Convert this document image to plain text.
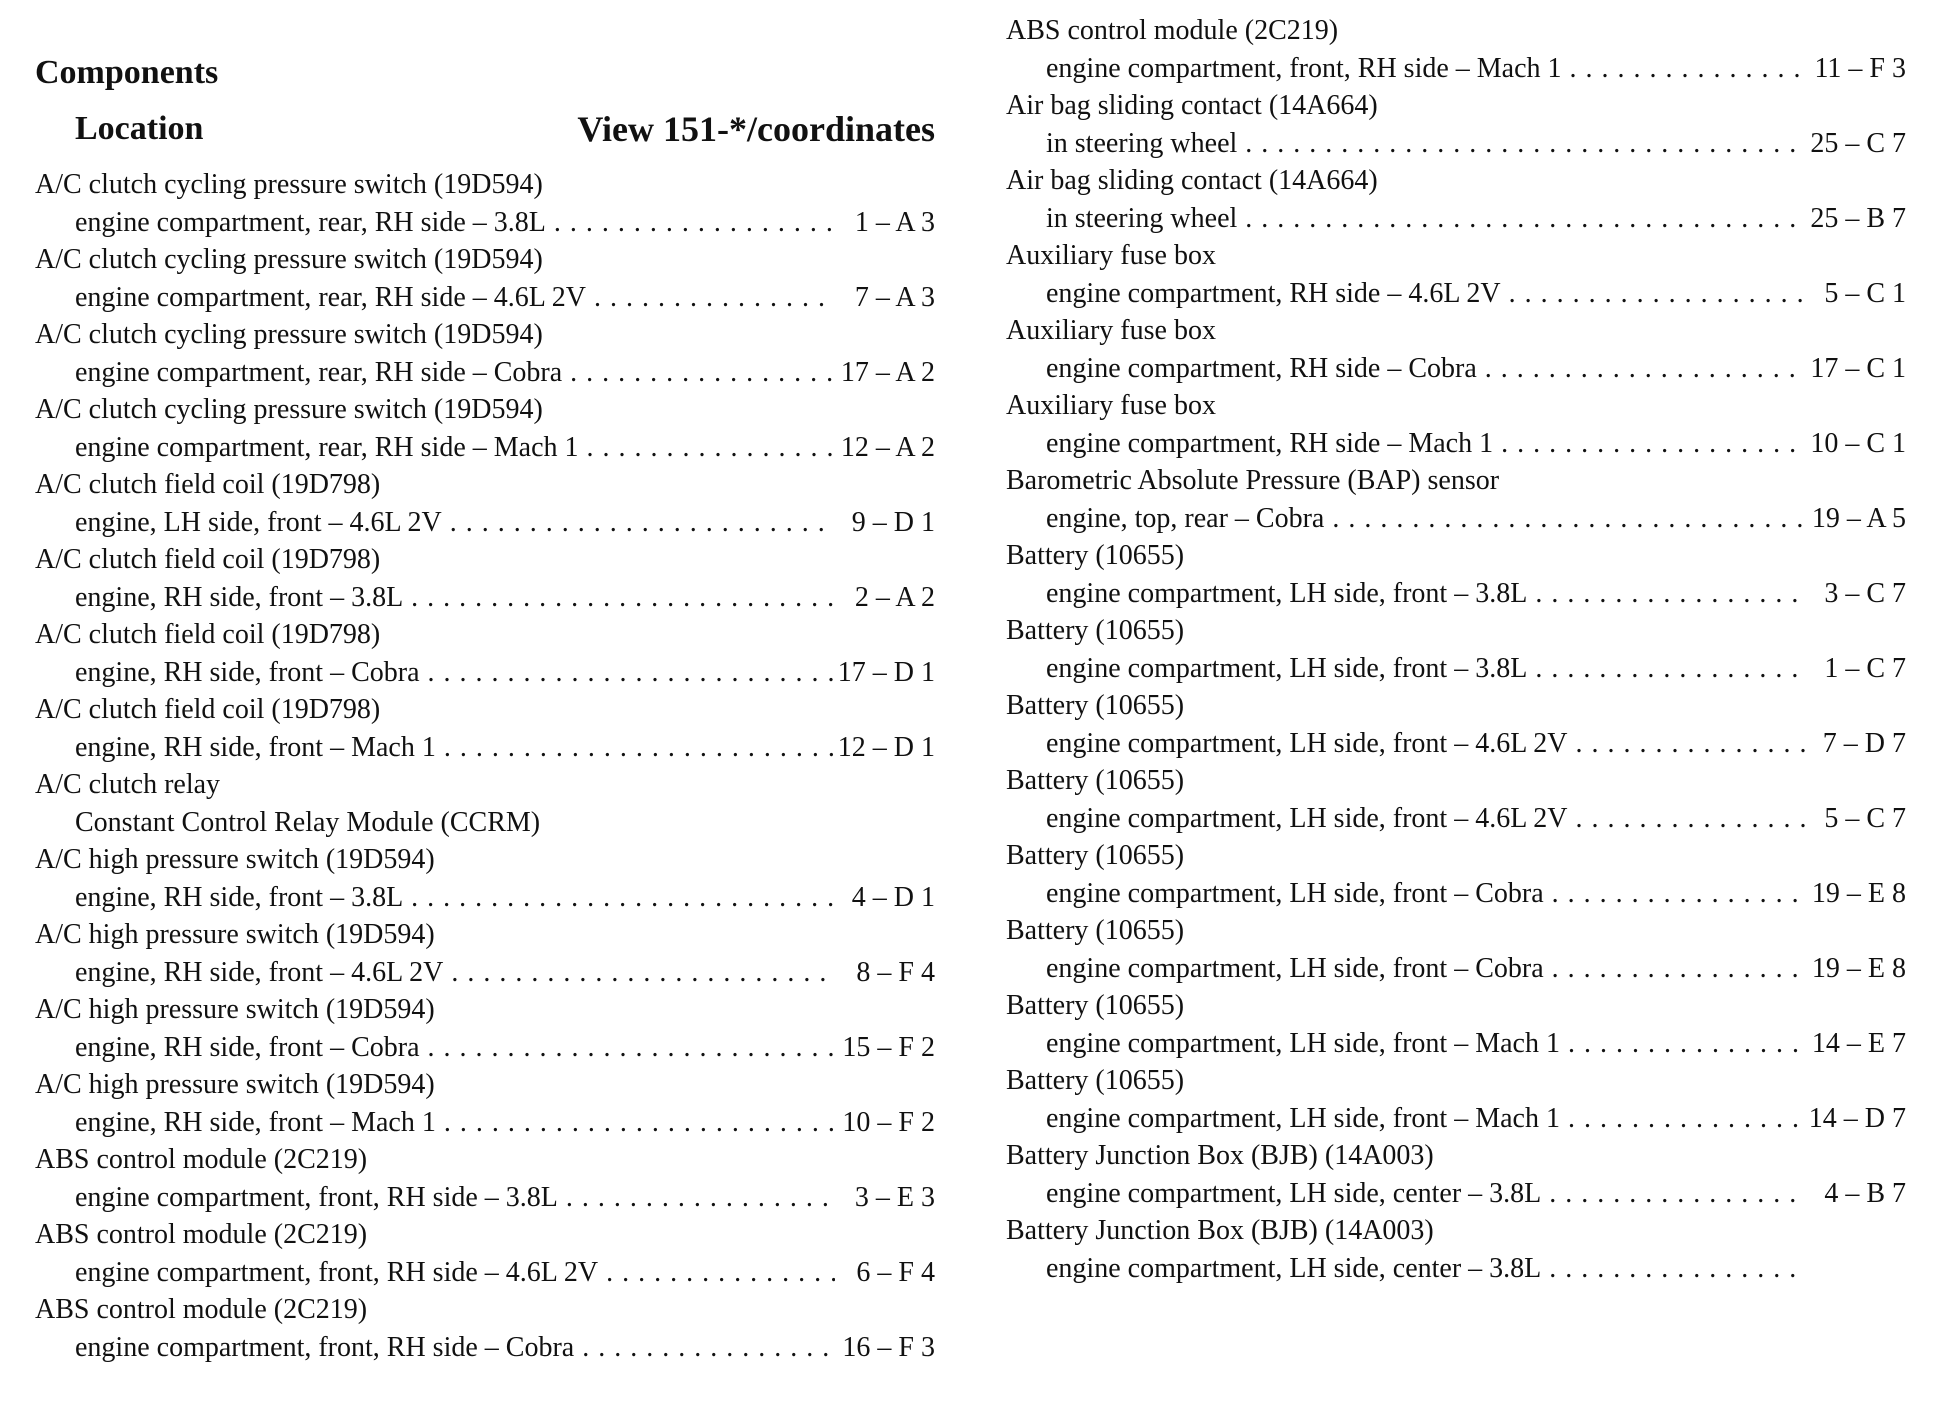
Components
Location	View 151-*/coordinates
A/C clutch cycling pressure switch (19D594)
engine compartment, rear, RH side – 3.8L . . .	1 – A 3
A/C clutch cycling pressure switch (19D594)
engine compartment, rear, RH side – 4.6L 2V . . .	7 – A 3
A/C clutch cycling pressure switch (19D594)
engine compartment, rear, RH side – Cobra . . .	17 – A 2
A/C clutch cycling pressure switch (19D594)
engine compartment, rear, RH side – Mach 1 . . .	12 – A 2
A/C clutch field coil (19D798)
engine, LH side, front – 4.6L 2V . . .	9 – D 1
A/C clutch field coil (19D798)
engine, RH side, front – 3.8L . . .	2 – A 2
A/C clutch field coil (19D798)
engine, RH side, front – Cobra . . .	17 – D 1
A/C clutch field coil (19D798)
engine, RH side, front – Mach 1 . . .	12 – D 1
A/C clutch relay
Constant Control Relay Module (CCRM)
A/C high pressure switch (19D594)
engine, RH side, front – 3.8L . . .	4 – D 1
A/C high pressure switch (19D594)
engine, RH side, front – 4.6L 2V . . .	8 – F 4
A/C high pressure switch (19D594)
engine, RH side, front – Cobra . . .	15 – F 2
A/C high pressure switch (19D594)
engine, RH side, front – Mach 1 . . .	10 – F 2
ABS control module (2C219)
engine compartment, front, RH side – 3.8L . . .	3 – E 3
ABS control module (2C219)
engine compartment, front, RH side – 4.6L 2V . . .	6 – F 4
ABS control module (2C219)
engine compartment, front, RH side – Cobra . . .	16 – F 3
ABS control module (2C219)
engine compartment, front, RH side – Mach 1 . . .	11 – F 3
Air bag sliding contact (14A664)
in steering wheel . . .	25 – C 7
Air bag sliding contact (14A664)
in steering wheel . . .	25 – B 7
Auxiliary fuse box
engine compartment, RH side – 4.6L 2V . . .	5 – C 1
Auxiliary fuse box
engine compartment, RH side – Cobra . . .	17 – C 1
Auxiliary fuse box
engine compartment, RH side – Mach 1 . . .	10 – C 1
Barometric Absolute Pressure (BAP) sensor
engine, top, rear – Cobra . . .	19 – A 5
Battery (10655)
engine compartment, LH side, front – 3.8L . . .	3 – C 7
Battery (10655)
engine compartment, LH side, front – 3.8L . . .	1 – C 7
Battery (10655)
engine compartment, LH side, front – 4.6L 2V . . .	7 – D 7
Battery (10655)
engine compartment, LH side, front – 4.6L 2V . . .	5 – C 7
Battery (10655)
engine compartment, LH side, front – Cobra . . .	19 – E 8
Battery (10655)
engine compartment, LH side, front – Cobra . . .	19 – E 8
Battery (10655)
engine compartment, LH side, front – Mach 1 . . .	14 – E 7
Battery (10655)
engine compartment, LH side, front – Mach 1 . . .	14 – D 7
Battery Junction Box (BJB) (14A003)
engine compartment, LH side, center – 3.8L . . .	4 – B 7
Battery Junction Box (BJB) (14A003)
engine compartment, LH side, center – 3.8L . . .
